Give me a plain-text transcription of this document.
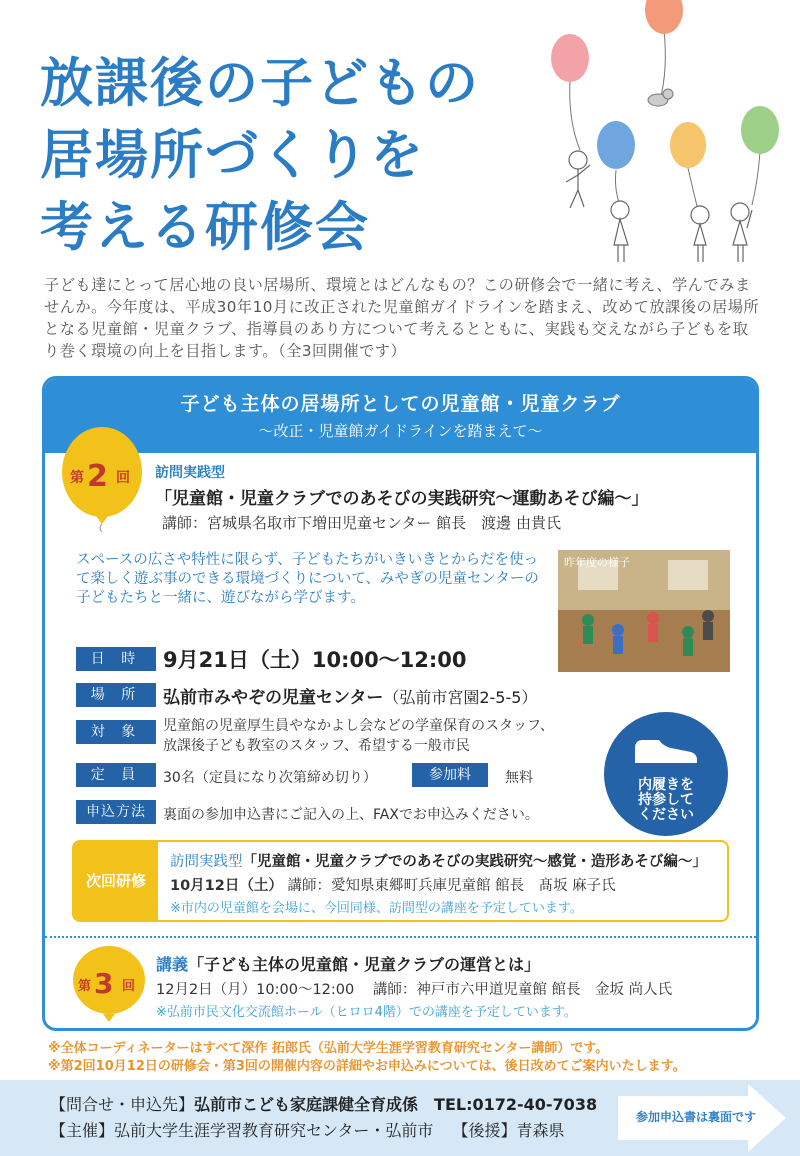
放課後の子どもの
居場所づくりを
考える研修会
子ども達にとって居心地の良い居場所、環境とはどんなもの？この研修会で一緒に考え、学んでみませんか。今年度は、平成30年10月に改正された児童館ガイドラインを踏まえ、改めて放課後の居場所となる児童館・児童クラブ、指導員のあり方について考えるとともに、実践も交えながら子どもを取り巻く環境の向上を目指します。（全3回開催です）
子ども主体の居場所としての児童館・児童クラブ
～改正・児童館ガイドラインを踏まえて～
第 2 回 訪問実践型
「児童館・児童クラブでのあそびの実践研究～運動あそび編～」
講師：宮城県名取市下増田児童センター 館長　渡邊 由貴氏
スペースの広さや特性に限らず、子どもたちがいきいきとからだを使って楽しく遊ぶ事のできる環境づくりについて、みやぎの児童センターの子どもたちと一緒に、遊びながら学びます。
昨年度の様子
日 時	9月21日（土）10:00～12:00
場 所	弘前市みやぞの児童センター（弘前市宮園2-5-5）
対 象	児童館の児童厚生員やなかよし会などの学童保育のスタッフ、
放課後子ども教室のスタッフ、希望する一般市民
定 員	30名（定員になり次第締め切り）	参加料	無料
申込方法	裏面の参加申込書にご記入の上、FAXでお申込みください。
内履きを
持参して
ください
次回研修
訪問実践型「児童館・児童クラブでのあそびの実践研究～感覚・造形あそび編～」
10月12日（土） 講師：愛知県東郷町兵庫児童館 館長　髙坂 麻子氏
※市内の児童館を会場に、今回同様、訪問型の講座を予定しています。
第 3 回
講義「子ども主体の児童館・児童クラブの運営とは」
12月2日（月）10:00～12:00 講師：神戸市六甲道児童館 館長　金坂 尚人氏
※弘前市民文化交流館ホール（ヒロロ4階）での講座を予定しています。
※全体コーディネーターはすべて深作 拓郎氏（弘前大学生涯学習教育研究センター講師）です。
※第2回10月12日の研修会・第3回の開催内容の詳細やお申込みについては、後日改めてご案内いたします。
【問合せ・申込先】弘前市こども家庭課健全育成係 TEL:0172-40-7038
【主催】弘前大学生涯学習教育研究センター・弘前市 【後援】青森県
参加申込書は裏面です
